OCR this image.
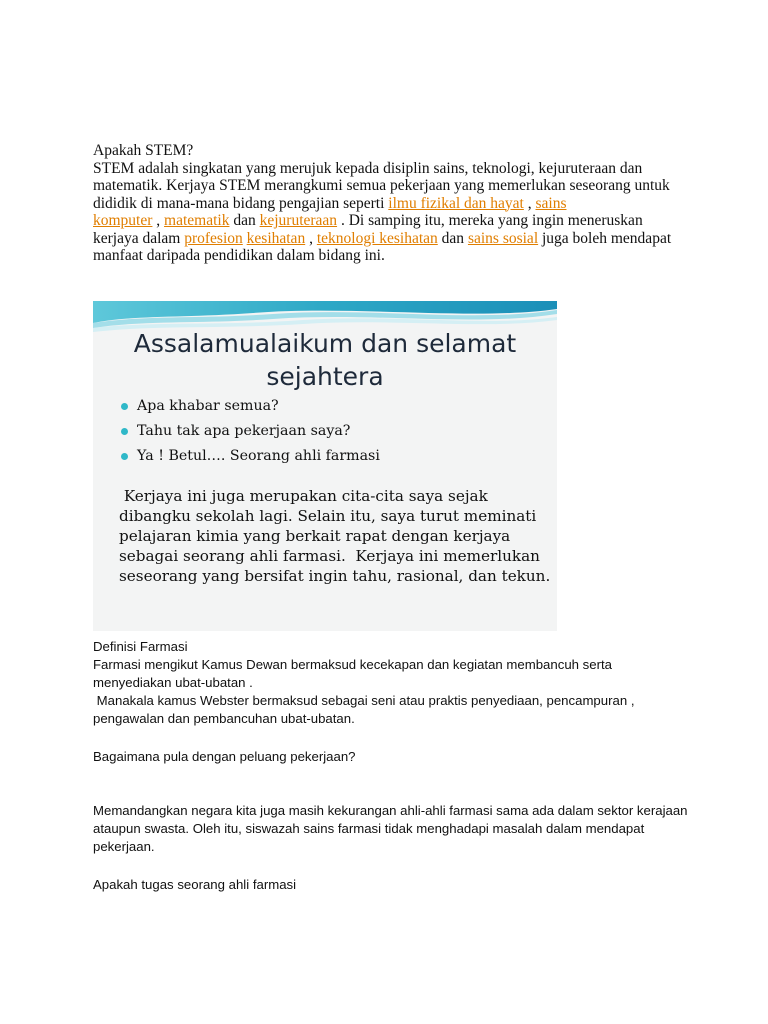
Apakah STEM?
STEM adalah singkatan yang merujuk kepada disiplin sains, teknologi, kejuruteraan dan
matematik. Kerjaya STEM merangkumi semua pekerjaan yang memerlukan seseorang untuk
dididik di mana-mana bidang pengajian seperti ilmu fizikal dan hayat , sains
komputer , matematik dan kejuruteraan . Di samping itu, mereka yang ingin meneruskan
kerjaya dalam profesion kesihatan , teknologi kesihatan dan sains sosial juga boleh mendapat
manfaat daripada pendidikan dalam bidang ini.
Assalamualaikum dan selamat
sejahtera
Apa khabar semua?
Tahu tak apa pekerjaan saya?
Ya ! Betul…. Seorang ahli farmasi
Kerjaya ini juga merupakan cita-cita saya sejak
dibangku sekolah lagi. Selain itu, saya turut meminati
pelajaran kimia yang berkait rapat dengan kerjaya
sebagai seorang ahli farmasi.  Kerjaya ini memerlukan
seseorang yang bersifat ingin tahu, rasional, dan tekun.

Definisi Farmasi

Farmasi mengikut Kamus Dewan bermaksud kecekapan dan kegiatan membancuh serta

menyediakan ubat-ubatan .

Manakala kamus Webster bermaksud sebagai seni atau praktis penyediaan, pencampuran ,

pengawalan dan pembancuhan ubat-ubatan.

Bagaimana pula dengan peluang pekerjaan?

Memandangkan negara kita juga masih kekurangan ahli-ahli farmasi sama ada dalam sektor kerajaan

ataupun swasta. Oleh itu, siswazah sains farmasi tidak menghadapi masalah dalam mendapat

pekerjaan.

Apakah tugas seorang ahli farmasi
